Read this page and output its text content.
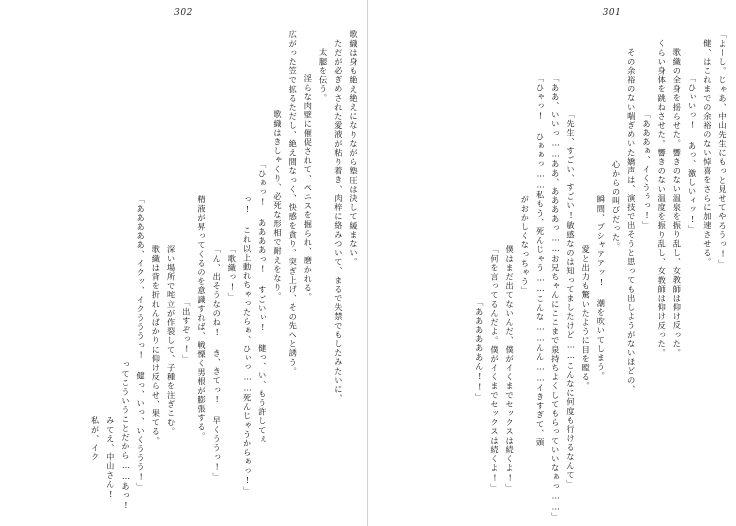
302
歌織は身も絶え絶えになりながら塾圧は決して緩まない。
ただが必ぎめされた愛液が粘り着き、肉梓に絡みついて、まるで失禁でもしたみたいに、
太腿を伝う。
淫らな肉壁に催促されて、ペニスを掘られ、磨かれる。
広がった笠で拡るただし、絶え間なっく、快感を貪り、突ぎ上げ、その先へと誘う。
歌織はきしゃくり、必死な形相で耐えをなり。
「ひぁっ! ああああっ! すごいぃ! 健っ、い、もう許してぇ
っ! これ以上動れちゃったらぁ、ひぃっ……死んじゃうからぁっ!」
「歌織っ!」
「ん、出そうなのね! き、きてっ! 早くううっ!」
精液が昇ってくるのを意識すれば、戦慄く男根が膨張する。
「出すぞっ!」
深い場所で咤立が作裂して、子種を注ぎこむ。
歌織は背を折れんばかりに仰け反らせ、果てる。
「あああああ、イクッ、イクうううっ! 健っ、いっ、いくううう!」
ってこういうことだから……あっ!
みてえ、中山さん!
私が、イク
301
「よーし。じゃあ、中山先生にもっと見せてやろうっ!」
健、はこれまでの余裕のない悼喜をさらに加速させる。
「ひぃいっ! あっ、激しいィッ!」
歌織の全身を揺らせた。響きのない温泉を振り乱し、女教師は仰け反った。
くらい身体を跳ねさせた。響きのない温度を振り乱し、女教師は仰け反った。
「あああぁ、イくうぅっ!」
その余裕のない喘ぎめいた嬌声は、演技で出そうと思っても出しようがないほどの、
心からの叫びだった。
瞬間、ブシャアアッ! 潮を吹いてしまう。
愛と出力も驚いたように目を瞠る。
「先生、すごい、すごい!敏感なのは知ってましたけど……こんなに何度も行けるなんて」
「ああ、いいっ……ああ、ああああっ……お兄ちゃんにここまで泉持ちよくしてもらっていいなぁっ……」
「ひゃっ! ひぁぁっ……私もう、死んじゃう……こんな……んん……イきすぎて、頭
がおかしくなっちゃう」
僕はまだ出てないんだ、僕がイくまでセックスは続くよ!」
「何を言ってるんだよ。僕がイくまでセックスは続くよ!」
「ああああああん!!」
